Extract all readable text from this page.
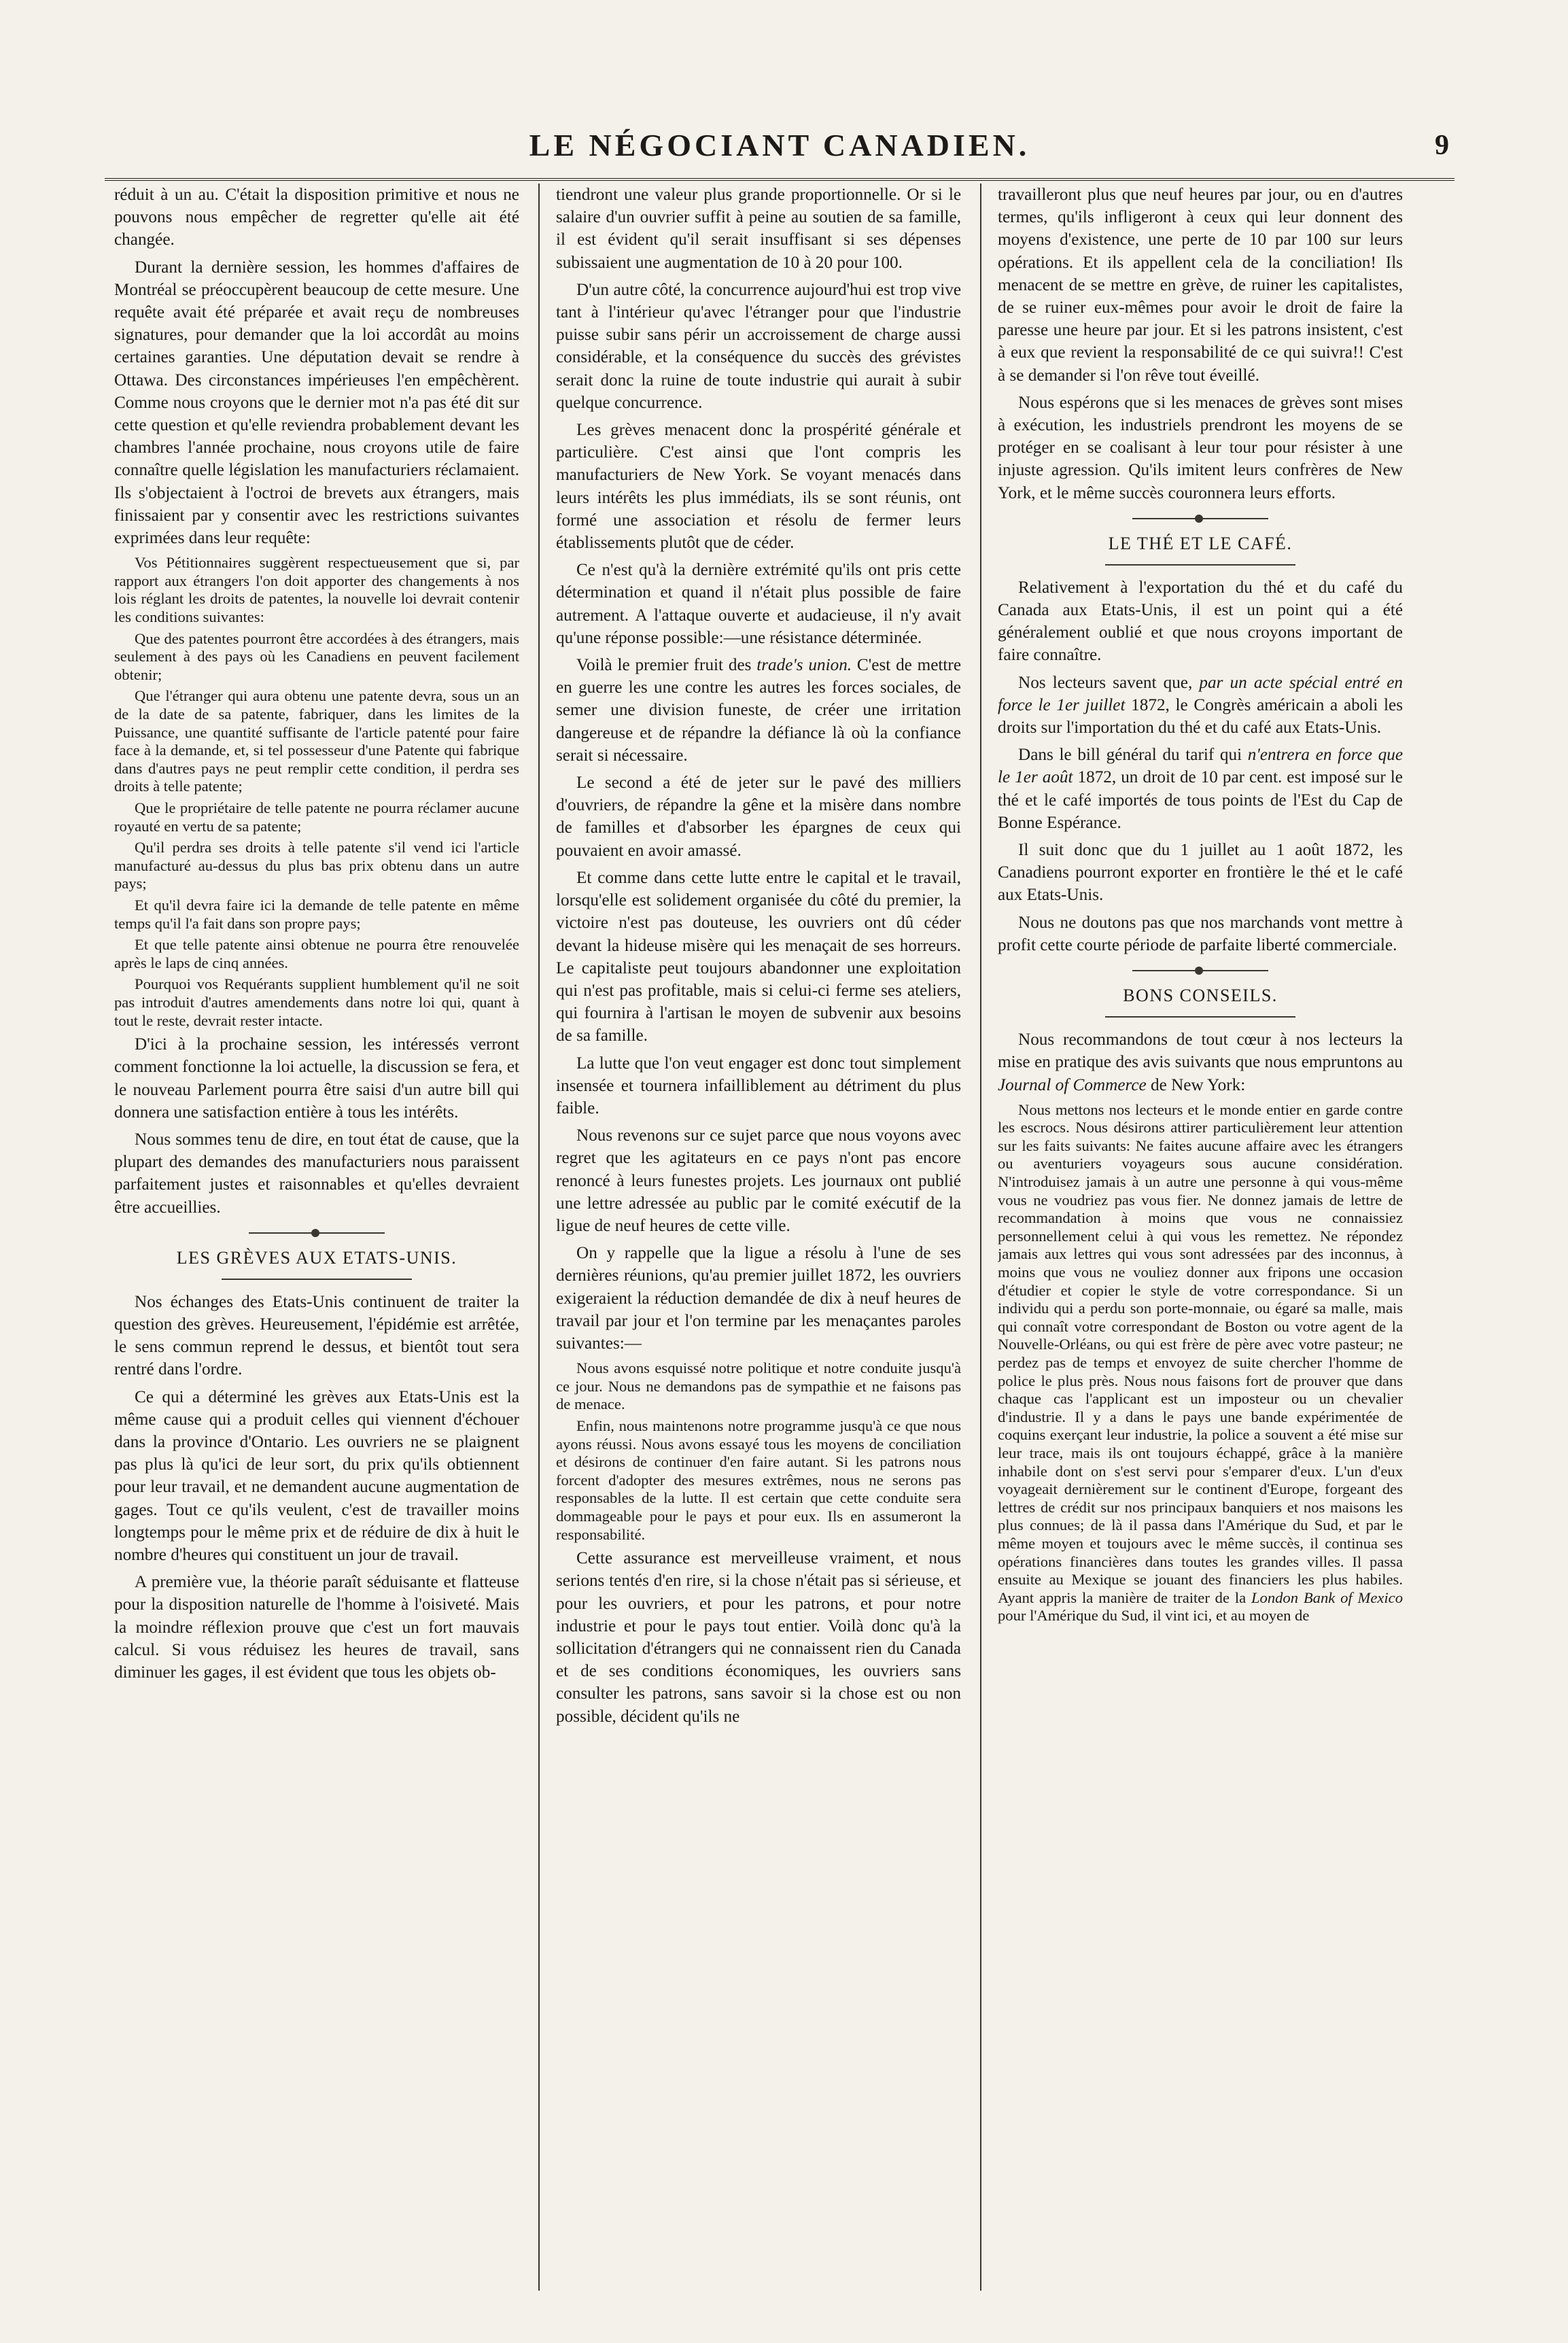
LE NÉGOCIANT CANADIEN.	9

réduit à un au. C'était la disposition primitive et nous ne pouvons nous empêcher de regretter qu'elle ait été changée.

Durant la dernière session, les hommes d'affaires de Montréal se préoccupèrent beaucoup de cette mesure. Une requête avait été préparée et avait reçu de nombreuses signatures, pour demander que la loi accordât au moins certaines garanties. Une députation devait se rendre à Ottawa. Des circonstances impérieuses l'en empêchèrent. Comme nous croyons que le dernier mot n'a pas été dit sur cette question et qu'elle reviendra probablement devant les chambres l'année prochaine, nous croyons utile de faire connaître quelle législation les manufacturiers réclamaient. Ils s'objectaient à l'octroi de brevets aux étrangers, mais finissaient par y consentir avec les restrictions suivantes exprimées dans leur requête:

Vos Pétitionnaires suggèrent respectueusement que si, par rapport aux étrangers l'on doit apporter des changements à nos lois réglant les droits de patentes, la nouvelle loi devrait contenir les conditions suivantes:

Que des patentes pourront être accordées à des étrangers, mais seulement à des pays où les Canadiens en peuvent facilement obtenir;

Que l'étranger qui aura obtenu une patente devra, sous un an de la date de sa patente, fabriquer, dans les limites de la Puissance, une quantité suffisante de l'article patenté pour faire face à la demande, et, si tel possesseur d'une Patente qui fabrique dans d'autres pays ne peut remplir cette condition, il perdra ses droits à telle patente;

Que le propriétaire de telle patente ne pourra réclamer aucune royauté en vertu de sa patente;

Qu'il perdra ses droits à telle patente s'il vend ici l'article manufacturé au-dessus du plus bas prix obtenu dans un autre pays;

Et qu'il devra faire ici la demande de telle patente en même temps qu'il l'a fait dans son propre pays;

Et que telle patente ainsi obtenue ne pourra être renouvelée après le laps de cinq années.

Pourquoi vos Requérants supplient humblement qu'il ne soit pas introduit d'autres amendements dans notre loi qui, quant à tout le reste, devrait rester intacte.

D'ici à la prochaine session, les intéressés verront comment fonctionne la loi actuelle, la discussion se fera, et le nouveau Parlement pourra être saisi d'un autre bill qui donnera une satisfaction entière à tous les intérêts.

Nous sommes tenu de dire, en tout état de cause, que la plupart des demandes des manufacturiers nous paraissent parfaitement justes et raisonnables et qu'elles devraient être accueillies.

LES GRÈVES AUX ETATS-UNIS.

Nos échanges des Etats-Unis continuent de traiter la question des grèves. Heureusement, l'épidémie est arrêtée, le sens commun reprend le dessus, et bientôt tout sera rentré dans l'ordre.

Ce qui a déterminé les grèves aux Etats-Unis est la même cause qui a produit celles qui viennent d'échouer dans la province d'Ontario. Les ouvriers ne se plaignent pas plus là qu'ici de leur sort, du prix qu'ils obtiennent pour leur travail, et ne demandent aucune augmentation de gages. Tout ce qu'ils veulent, c'est de travailler moins longtemps pour le même prix et de réduire de dix à huit le nombre d'heures qui constituent un jour de travail.

A première vue, la théorie paraît séduisante et flatteuse pour la disposition naturelle de l'homme à l'oisiveté. Mais la moindre réflexion prouve que c'est un fort mauvais calcul. Si vous réduisez les heures de travail, sans diminuer les gages, il est évident que tous les objets ob-

tiendront une valeur plus grande proportionnelle. Or si le salaire d'un ouvrier suffit à peine au soutien de sa famille, il est évident qu'il serait insuffisant si ses dépenses subissaient une augmentation de 10 à 20 pour 100.

D'un autre côté, la concurrence aujourd'hui est trop vive tant à l'intérieur qu'avec l'étranger pour que l'industrie puisse subir sans périr un accroissement de charge aussi considérable, et la conséquence du succès des grévistes serait donc la ruine de toute industrie qui aurait à subir quelque concurrence.

Les grèves menacent donc la prospérité générale et particulière. C'est ainsi que l'ont compris les manufacturiers de New York. Se voyant menacés dans leurs intérêts les plus immédiats, ils se sont réunis, ont formé une association et résolu de fermer leurs établissements plutôt que de céder.

Ce n'est qu'à la dernière extrémité qu'ils ont pris cette détermination et quand il n'était plus possible de faire autrement. A l'attaque ouverte et audacieuse, il n'y avait qu'une réponse possible:—une résistance déterminée.

Voilà le premier fruit des trade's union. C'est de mettre en guerre les une contre les autres les forces sociales, de semer une division funeste, de créer une irritation dangereuse et de répandre la défiance là où la confiance serait si nécessaire.

Le second a été de jeter sur le pavé des milliers d'ouvriers, de répandre la gêne et la misère dans nombre de familles et d'absorber les épargnes de ceux qui pouvaient en avoir amassé.

Et comme dans cette lutte entre le capital et le travail, lorsqu'elle est solidement organisée du côté du premier, la victoire n'est pas douteuse, les ouvriers ont dû céder devant la hideuse misère qui les menaçait de ses horreurs. Le capitaliste peut toujours abandonner une exploitation qui n'est pas profitable, mais si celui-ci ferme ses ateliers, qui fournira à l'artisan le moyen de subvenir aux besoins de sa famille.

La lutte que l'on veut engager est donc tout simplement insensée et tournera infailliblement au détriment du plus faible.

Nous revenons sur ce sujet parce que nous voyons avec regret que les agitateurs en ce pays n'ont pas encore renoncé à leurs funestes projets. Les journaux ont publié une lettre adressée au public par le comité exécutif de la ligue de neuf heures de cette ville.

On y rappelle que la ligue a résolu à l'une de ses dernières réunions, qu'au premier juillet 1872, les ouvriers exigeraient la réduction demandée de dix à neuf heures de travail par jour et l'on termine par les menaçantes paroles suivantes:—

Nous avons esquissé notre politique et notre conduite jusqu'à ce jour. Nous ne demandons pas de sympathie et ne faisons pas de menace.

Enfin, nous maintenons notre programme jusqu'à ce que nous ayons réussi. Nous avons essayé tous les moyens de conciliation et désirons de continuer d'en faire autant. Si les patrons nous forcent d'adopter des mesures extrêmes, nous ne serons pas responsables de la lutte. Il est certain que cette conduite sera dommageable pour le pays et pour eux. Ils en assumeront la responsabilité.

Cette assurance est merveilleuse vraiment, et nous serions tentés d'en rire, si la chose n'était pas si sérieuse, et pour les ouvriers, et pour les patrons, et pour notre industrie et pour le pays tout entier. Voilà donc qu'à la sollicitation d'étrangers qui ne connaissent rien du Canada et de ses conditions économiques, les ouvriers sans consulter les patrons, sans savoir si la chose est ou non possible, décident qu'ils ne

travailleront plus que neuf heures par jour, ou en d'autres termes, qu'ils infligeront à ceux qui leur donnent des moyens d'existence, une perte de 10 par 100 sur leurs opérations. Et ils appellent cela de la conciliation! Ils menacent de se mettre en grève, de ruiner les capitalistes, de se ruiner eux-mêmes pour avoir le droit de faire la paresse une heure par jour. Et si les patrons insistent, c'est à eux que revient la responsabilité de ce qui suivra!! C'est à se demander si l'on rêve tout éveillé.

Nous espérons que si les menaces de grèves sont mises à exécution, les industriels prendront les moyens de se protéger en se coalisant à leur tour pour résister à une injuste agression. Qu'ils imitent leurs confrères de New York, et le même succès couronnera leurs efforts.

LE THÉ ET LE CAFÉ.

Relativement à l'exportation du thé et du café du Canada aux Etats-Unis, il est un point qui a été généralement oublié et que nous croyons important de faire connaître.

Nos lecteurs savent que, par un acte spécial entré en force le 1er juillet 1872, le Congrès américain a aboli les droits sur l'importation du thé et du café aux Etats-Unis.

Dans le bill général du tarif qui n'entrera en force que le 1er août 1872, un droit de 10 par cent. est imposé sur le thé et le café importés de tous points de l'Est du Cap de Bonne Espérance.

Il suit donc que du 1 juillet au 1 août 1872, les Canadiens pourront exporter en frontière le thé et le café aux Etats-Unis.

Nous ne doutons pas que nos marchands vont mettre à profit cette courte période de parfaite liberté commerciale.

BONS CONSEILS.

Nous recommandons de tout cœur à nos lecteurs la mise en pratique des avis suivants que nous empruntons au Journal of Commerce de New York:

Nous mettons nos lecteurs et le monde entier en garde contre les escrocs. Nous désirons attirer particulièrement leur attention sur les faits suivants: Ne faites aucune affaire avec les étrangers ou aventuriers voyageurs sous aucune considération. N'introduisez jamais à un autre une personne à qui vous-même vous ne voudriez pas vous fier. Ne donnez jamais de lettre de recommandation à moins que vous ne connaissiez personnellement celui à qui vous les remettez. Ne répondez jamais aux lettres qui vous sont adressées par des inconnus, à moins que vous ne vouliez donner aux fripons une occasion d'étudier et copier le style de votre correspondance. Si un individu qui a perdu son porte-monnaie, ou égaré sa malle, mais qui connaît votre correspondant de Boston ou votre agent de la Nouvelle-Orléans, ou qui est frère de père avec votre pasteur; ne perdez pas de temps et envoyez de suite chercher l'homme de police le plus près. Nous nous faisons fort de prouver que dans chaque cas l'applicant est un imposteur ou un chevalier d'industrie. Il y a dans le pays une bande expérimentée de coquins exerçant leur industrie, la police a souvent a été mise sur leur trace, mais ils ont toujours échappé, grâce à la manière inhabile dont on s'est servi pour s'emparer d'eux. L'un d'eux voyageait dernièrement sur le continent d'Europe, forgeant des lettres de crédit sur nos principaux banquiers et nos maisons les plus connues; de là il passa dans l'Amérique du Sud, et par le même moyen et toujours avec le même succès, il continua ses opérations financières dans toutes les grandes villes. Il passa ensuite au Mexique se jouant des financiers les plus habiles. Ayant appris la manière de traiter de la London Bank of Mexico pour l'Amérique du Sud, il vint ici, et au moyen de
